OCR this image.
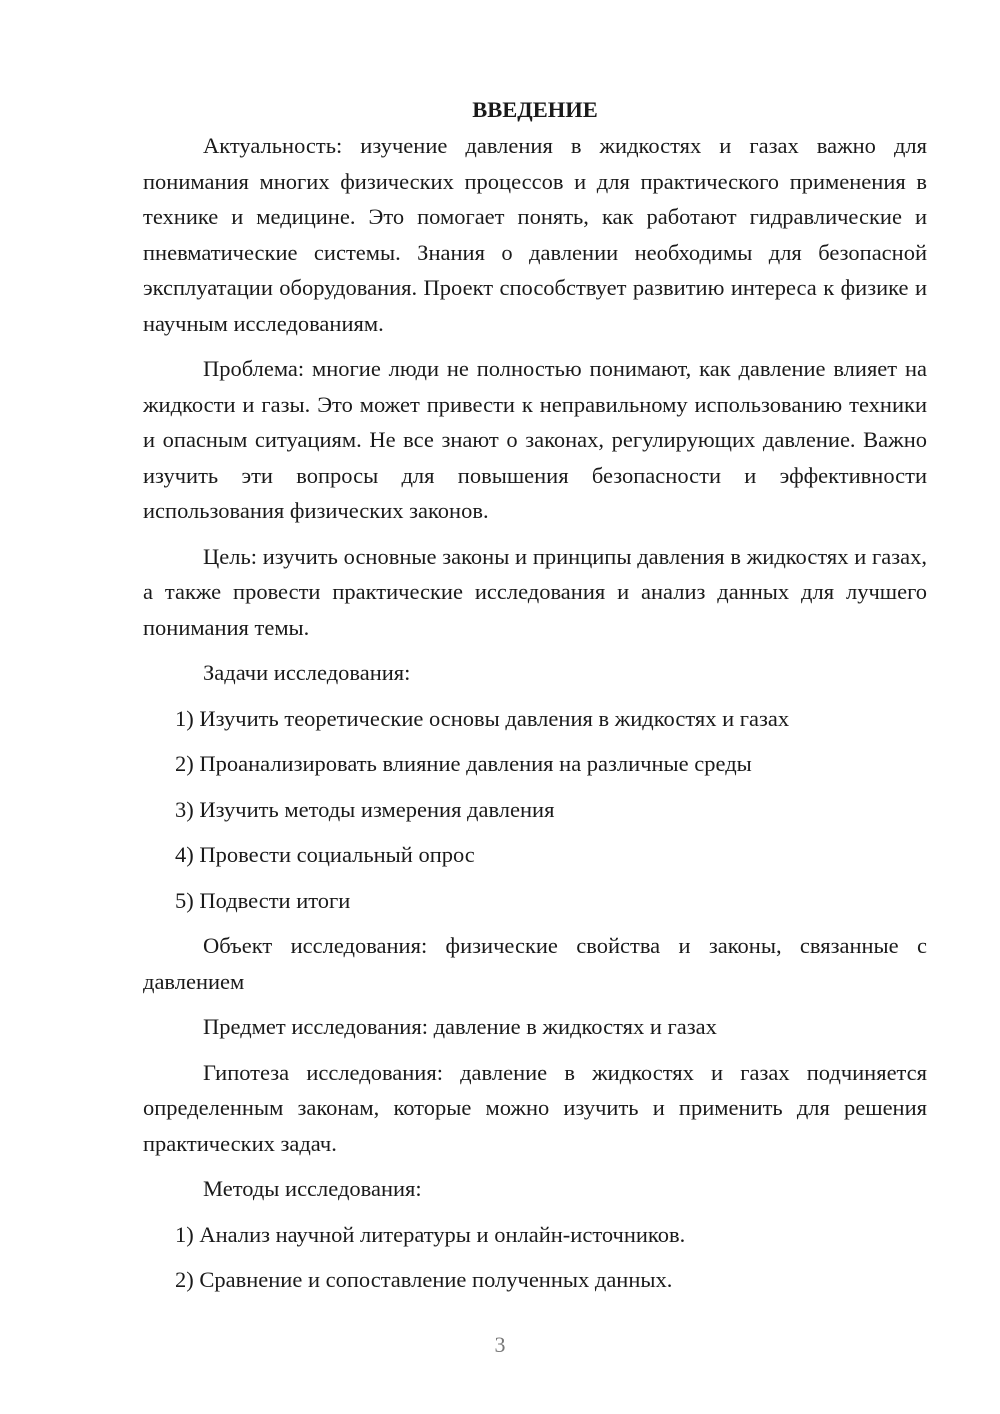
ВВЕДЕНИЕ

Актуальность: изучение давления в жидкостях и газах важно для понимания многих физических процессов и для практического применения в технике и медицине. Это помогает понять, как работают гидравлические и пневматические системы. Знания о давлении необходимы для безопасной эксплуатации оборудования. Проект способствует развитию интереса к физике и научным исследованиям.

Проблема: многие люди не полностью понимают, как давление влияет на жидкости и газы. Это может привести к неправильному использованию техники и опасным ситуациям. Не все знают о законах, регулирующих давление. Важно изучить эти вопросы для повышения безопасности и эффективности использования физических законов.

Цель: изучить основные законы и принципы давления в жидкостях и газах, а также провести практические исследования и анализ данных для лучшего понимания темы.

Задачи исследования:

1) Изучить теоретические основы давления в жидкостях и газах
2) Проанализировать влияние давления на различные среды
3) Изучить методы измерения давления
4) Провести социальный опрос
5) Подвести итоги

Объект исследования: физические свойства и законы, связанные с давлением

Предмет исследования: давление в жидкостях и газах

Гипотеза исследования: давление в жидкостях и газах подчиняется определенным законам, которые можно изучить и применить для решения практических задач.

Методы исследования:

1) Анализ научной литературы и онлайн-источников.
2) Сравнение и сопоставление полученных данных.
3
